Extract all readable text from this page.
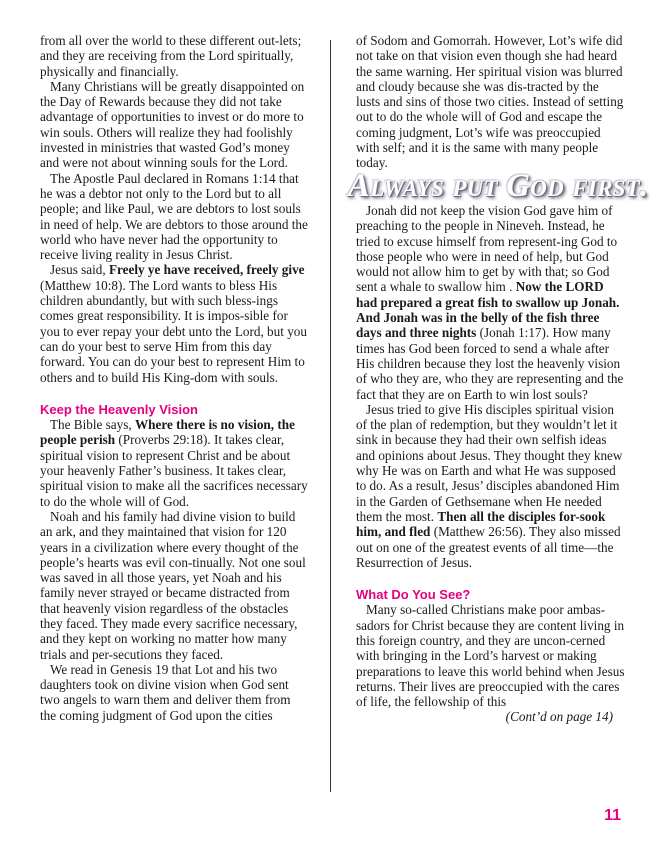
from all over the world to these different out-lets; and they are receiving from the Lord spiritually, physically and financially.

Many Christians will be greatly disappointed on the Day of Rewards because they did not take advantage of opportunities to invest or do more to win souls. Others will realize they had foolishly invested in ministries that wasted God’s money and were not about winning souls for the Lord.

The Apostle Paul declared in Romans 1:14 that he was a debtor not only to the Lord but to all people; and like Paul, we are debtors to lost souls in need of help. We are debtors to those around the world who have never had the opportunity to receive living reality in Jesus Christ.

Jesus said, Freely ye have received, freely give (Matthew 10:8). The Lord wants to bless His children abundantly, but with such bless-ings comes great responsibility. It is impos-sible for you to ever repay your debt unto the Lord, but you can do your best to serve Him from this day forward. You can do your best to represent Him to others and to build His King-dom with souls.

Keep the Heavenly Vision

The Bible says, Where there is no vision, the people perish (Proverbs 29:18). It takes clear, spiritual vision to represent Christ and be about your heavenly Father’s business. It takes clear, spiritual vision to make all the sacrifices necessary to do the whole will of God.

Noah and his family had divine vision to build an ark, and they maintained that vision for 120 years in a civilization where every thought of the people’s hearts was evil con-tinually. Not one soul was saved in all those years, yet Noah and his family never strayed or became distracted from that heavenly vision regardless of the obstacles they faced. They made every sacrifice necessary, and they kept on working no matter how many trials and per-secutions they faced.

We read in Genesis 19 that Lot and his two daughters took on divine vision when God sent two angels to warn them and deliver them from the coming judgment of God upon the cities

of Sodom and Gomorrah. However, Lot’s wife did not take on that vision even though she had heard the same warning. Her spiritual vision was blurred and cloudy because she was dis-tracted by the lusts and sins of those two cities. Instead of setting out to do the whole will of God and escape the coming judgment, Lot’s wife was preoccupied with self; and it is the same with many people today.

Always put God first.

Jonah did not keep the vision God gave him of preaching to the people in Nineveh. Instead, he tried to excuse himself from represent-ing God to those people who were in need of help, but God would not allow him to get by with that; so God sent a whale to swallow him . Now the LORD had prepared a great fish to swallow up Jonah. And Jonah was in the belly of the fish three days and three nights (Jonah 1:17). How many times has God been forced to send a whale after His children because they lost the heavenly vision of who they are, who they are representing and the fact that they are on Earth to win lost souls?

Jesus tried to give His disciples spiritual vision of the plan of redemption, but they wouldn’t let it sink in because they had their own selfish ideas and opinions about Jesus. They thought they knew why He was on Earth and what He was supposed to do. As a result, Jesus’ disciples abandoned Him in the Garden of Gethsemane when He needed them the most. Then all the disciples for-sook him, and fled (Matthew 26:56). They also missed out on one of the greatest events of all time—the Resurrection of Jesus.

What Do You See?

Many so-called Christians make poor ambas-sadors for Christ because they are content living in this foreign country, and they are uncon-cerned with bringing in the Lord’s harvest or making preparations to leave this world behind when Jesus returns. Their lives are preoccupied with the cares of life, the fellowship of this

(Cont’d on page 14)

11
